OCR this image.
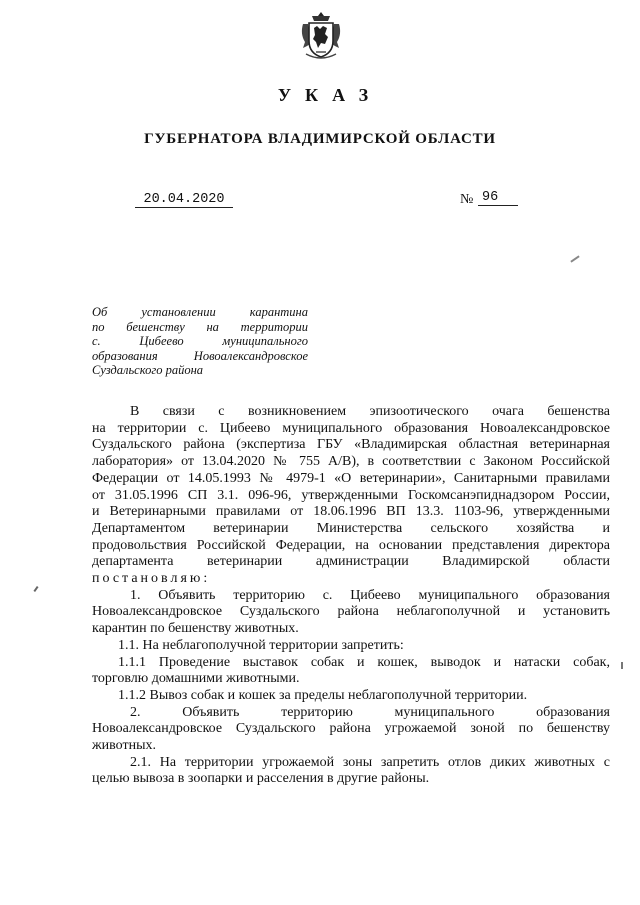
УКАЗ
ГУБЕРНАТОРА ВЛАДИМИРСКОЙ ОБЛАСТИ
20.04.2020	№ 96
Об	установлении	карантина
по бешенству на территории
с.	Цибеево	муниципального
образования	Новоалександровское
Суздальского района
В связи с возникновением эпизоотического очага бешенства
на территории с. Цибеево муниципального образования Новоалександровское
Суздальского района (экспертиза ГБУ «Владимирская областная ветеринарная
лаборатория» от 13.04.2020 № 755 А/В), в соответствии с Законом Российской
Федерации от 14.05.1993 № 4979-1 «О ветеринарии», Санитарными правилами
от 31.05.1996 СП 3.1. 096-96, утвержденными Госкомсанэпиднадзором России,
и Ветеринарными правилами от 18.06.1996 ВП 13.3. 1103-96, утвержденными
Департаментом ветеринарии Министерства сельского хозяйства и
продовольствия Российской Федерации, на основании представления директора
департамента ветеринарии администрации Владимирской области
постановляю:
1. Объявить территорию с. Цибеево муниципального образования
Новоалександровское Суздальского района неблагополучной и установить
карантин по бешенству животных.
1.1. На неблагополучной территории запретить:
1.1.1 Проведение выставок собак и кошек, выводок и натаски собак,
торговлю домашними животными.
1.1.2 Вывоз собак и кошек за пределы неблагополучной территории.
2. Объявить территорию муниципального образования
Новоалександровское Суздальского района угрожаемой зоной по бешенству
животных.
2.1. На территории угрожаемой зоны запретить отлов диких животных с
целью вывоза в зоопарки и расселения в другие районы.
